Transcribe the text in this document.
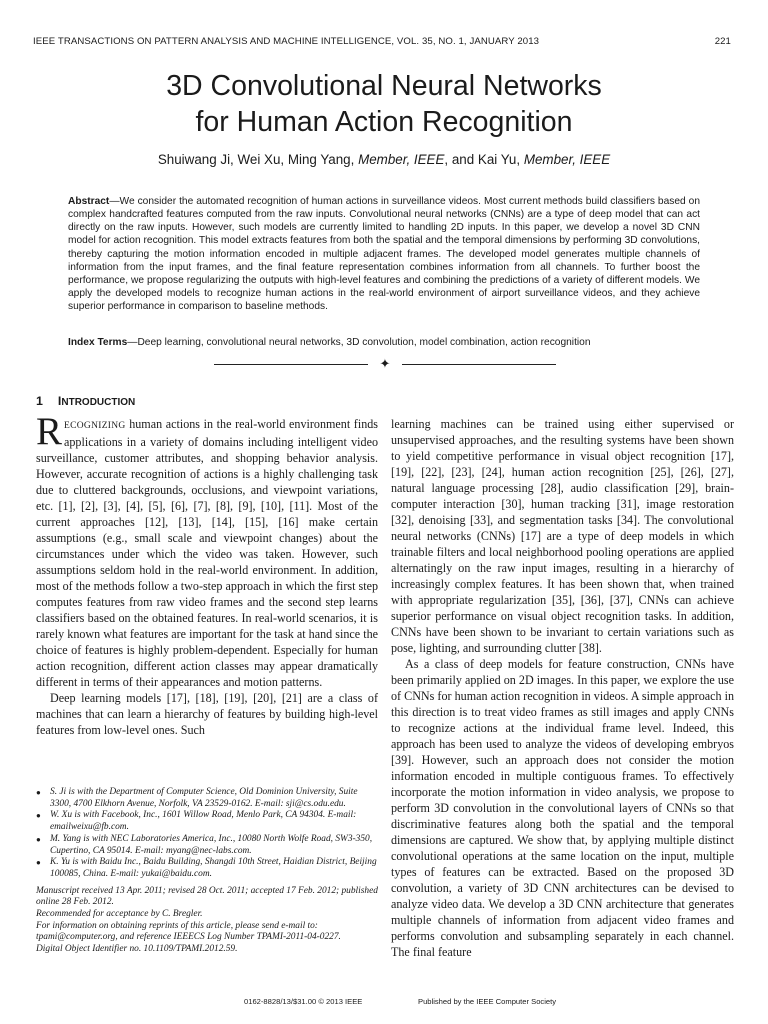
IEEE TRANSACTIONS ON PATTERN ANALYSIS AND MACHINE INTELLIGENCE, VOL. 35, NO. 1, JANUARY 2013	221
3D Convolutional Neural Networks
for Human Action Recognition
Shuiwang Ji, Wei Xu, Ming Yang, Member, IEEE, and Kai Yu, Member, IEEE
Abstract—We consider the automated recognition of human actions in surveillance videos. Most current methods build classifiers based on complex handcrafted features computed from the raw inputs. Convolutional neural networks (CNNs) are a type of deep model that can act directly on the raw inputs. However, such models are currently limited to handling 2D inputs. In this paper, we develop a novel 3D CNN model for action recognition. This model extracts features from both the spatial and the temporal dimensions by performing 3D convolutions, thereby capturing the motion information encoded in multiple adjacent frames. The developed model generates multiple channels of information from the input frames, and the final feature representation combines information from all channels. To further boost the performance, we propose regularizing the outputs with high-level features and combining the predictions of a variety of different models. We apply the developed models to recognize human actions in the real-world environment of airport surveillance videos, and they achieve superior performance in comparison to baseline methods.
Index Terms—Deep learning, convolutional neural networks, 3D convolution, model combination, action recognition
✦
1 INTRODUCTION

RECOGNIZING human actions in the real-world environment finds applications in a variety of domains including intelligent video surveillance, customer attributes, and shopping behavior analysis. However, accurate recognition of actions is a highly challenging task due to cluttered backgrounds, occlusions, and viewpoint variations, etc. [1], [2], [3], [4], [5], [6], [7], [8], [9], [10], [11]. Most of the current approaches [12], [13], [14], [15], [16] make certain assumptions (e.g., small scale and viewpoint changes) about the circumstances under which the video was taken. However, such assumptions seldom hold in the real-world environment. In addition, most of the methods follow a two-step approach in which the first step computes features from raw video frames and the second step learns classifiers based on the obtained features. In real-world scenarios, it is rarely known what features are important for the task at hand since the choice of features is highly problem-dependent. Especially for human action recognition, different action classes may appear dramatically different in terms of their appearances and motion patterns.

Deep learning models [17], [18], [19], [20], [21] are a class of machines that can learn a hierarchy of features by building high-level features from low-level ones. Such

learning machines can be trained using either supervised or unsupervised approaches, and the resulting systems have been shown to yield competitive performance in visual object recognition [17], [19], [22], [23], [24], human action recognition [25], [26], [27], natural language processing [28], audio classification [29], brain-computer interaction [30], human tracking [31], image restoration [32], denoising [33], and segmentation tasks [34]. The convolutional neural networks (CNNs) [17] are a type of deep models in which trainable filters and local neighborhood pooling operations are applied alternatingly on the raw input images, resulting in a hierarchy of increasingly complex features. It has been shown that, when trained with appropriate regularization [35], [36], [37], CNNs can achieve superior performance on visual object recognition tasks. In addition, CNNs have been shown to be invariant to certain variations such as pose, lighting, and surrounding clutter [38].

As a class of deep models for feature construction, CNNs have been primarily applied on 2D images. In this paper, we explore the use of CNNs for human action recognition in videos. A simple approach in this direction is to treat video frames as still images and apply CNNs to recognize actions at the individual frame level. Indeed, this approach has been used to analyze the videos of developing embryos [39]. However, such an approach does not consider the motion information encoded in multiple contiguous frames. To effectively incorporate the motion information in video analysis, we propose to perform 3D convolution in the convolutional layers of CNNs so that discriminative features along both the spatial and the temporal dimensions are captured. We show that, by applying multiple distinct convolutional operations at the same location on the input, multiple types of features can be extracted. Based on the proposed 3D convolution, a variety of 3D CNN architectures can be devised to analyze video data. We develop a 3D CNN architecture that generates multiple channels of information from adjacent video frames and performs convolution and subsampling separately in each channel. The final feature

● S. Ji is with the Department of Computer Science, Old Dominion University, Suite 3300, 4700 Elkhorn Avenue, Norfolk, VA 23529-0162. E-mail: sji@cs.odu.edu.
● W. Xu is with Facebook, Inc., 1601 Willow Road, Menlo Park, CA 94304. E-mail: emailweixu@fb.com.
● M. Yang is with NEC Laboratories America, Inc., 10080 North Wolfe Road, SW3-350, Cupertino, CA 95014. E-mail: myang@nec-labs.com.
● K. Yu is with Baidu Inc., Baidu Building, Shangdi 10th Street, Haidian District, Beijing 100085, China. E-mail: yukai@baidu.com.
Manuscript received 13 Apr. 2011; revised 28 Oct. 2011; accepted 17 Feb. 2012; published online 28 Feb. 2012.
Recommended for acceptance by C. Bregler.
For information on obtaining reprints of this article, please send e-mail to: tpami@computer.org, and reference IEEECS Log Number TPAMI-2011-04-0227.
Digital Object Identifier no. 10.1109/TPAMI.2012.59.
0162-8828/13/$31.00 © 2013 IEEE	Published by the IEEE Computer Society
